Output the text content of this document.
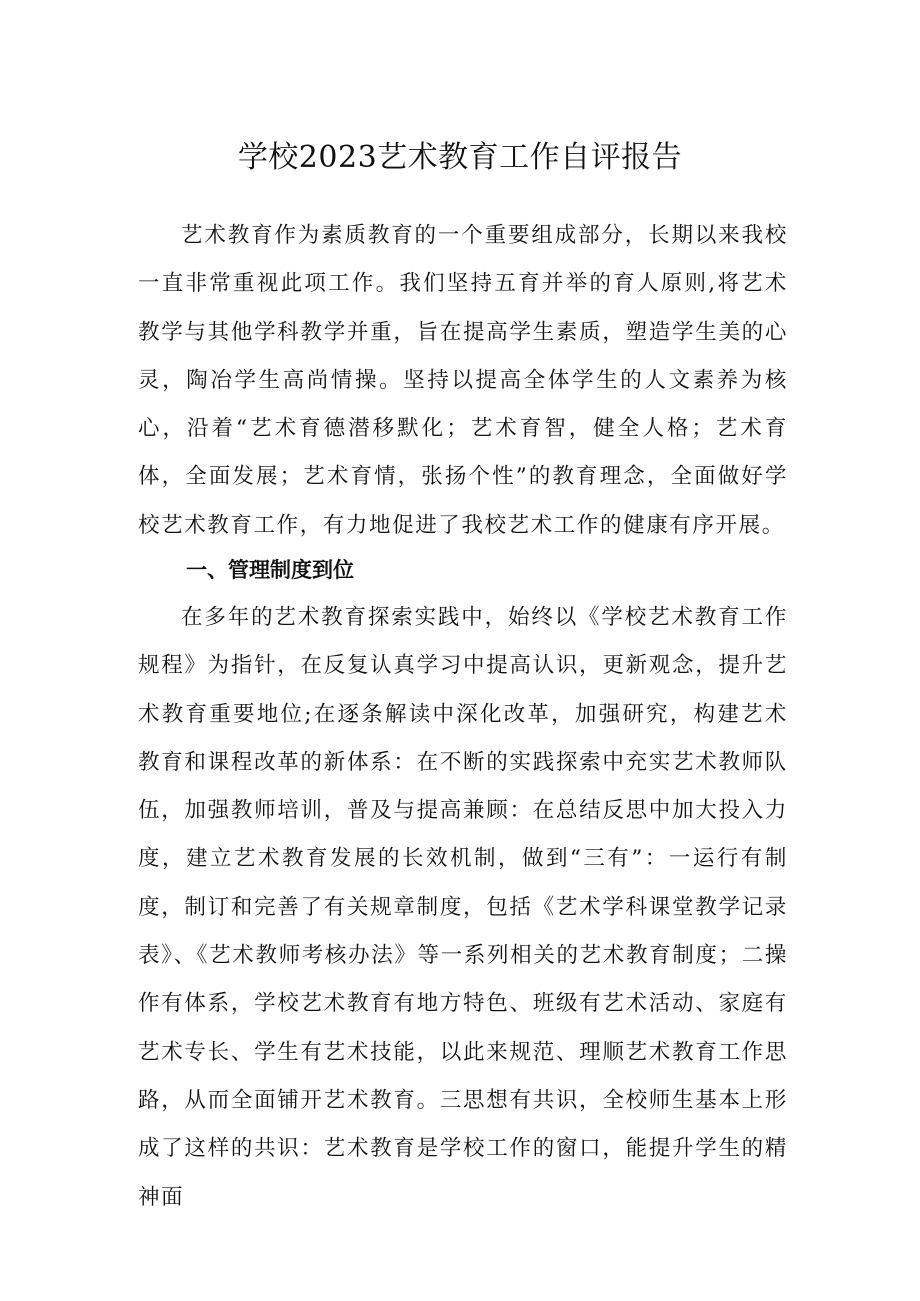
学校2023艺术教育工作自评报告

艺术教育作为素质教育的一个重要组成部分，长期以来我校一直非常重视此项工作。我们坚持五育并举的育人原则,将艺术教学与其他学科教学并重，旨在提高学生素质，塑造学生美的心灵，陶冶学生高尚情操。坚持以提高全体学生的人文素养为核心，沿着“艺术育德潜移默化；艺术育智，健全人格；艺术育体，全面发展；艺术育情，张扬个性”的教育理念，全面做好学校艺术教育工作，有力地促进了我校艺术工作的健康有序开展。

一、管理制度到位

在多年的艺术教育探索实践中，始终以《学校艺术教育工作规程》为指针，在反复认真学习中提高认识，更新观念，提升艺术教育重要地位;在逐条解读中深化改革，加强研究，构建艺术教育和课程改革的新体系：在不断的实践探索中充实艺术教师队伍，加强教师培训，普及与提高兼顾：在总结反思中加大投入力度，建立艺术教育发展的长效机制，做到“三有”：一运行有制度，制订和完善了有关规章制度，包括《艺术学科课堂教学记录表》、《艺术教师考核办法》等一系列相关的艺术教育制度；二操作有体系，学校艺术教育有地方特色、班级有艺术活动、家庭有艺术专长、学生有艺术技能，以此来规范、理顺艺术教育工作思路，从而全面铺开艺术教育。三思想有共识，全校师生基本上形成了这样的共识：艺术教育是学校工作的窗口，能提升学生的精神面
